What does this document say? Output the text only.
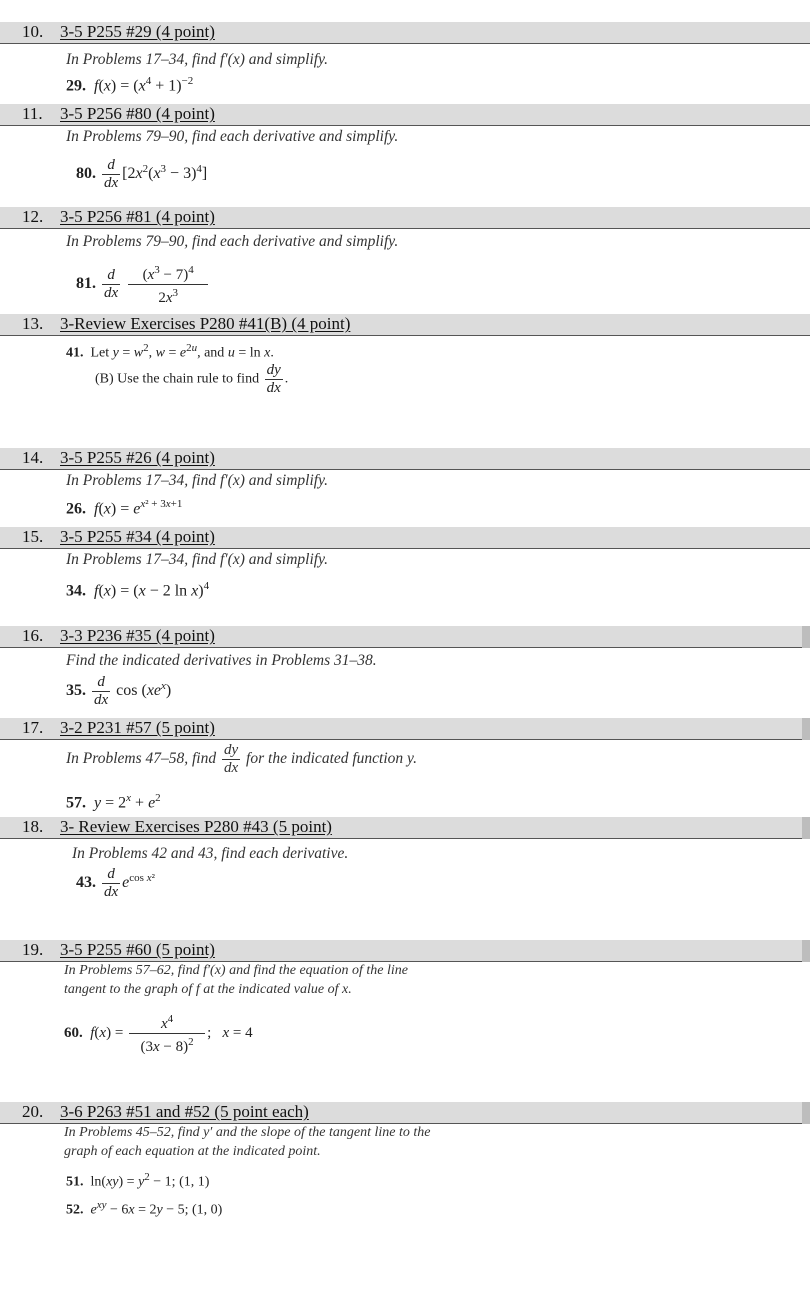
10. 3-5 P255 #29 (4 point)
In Problems 17–34, find f′(x) and simplify.
29. $f(x) = (x^4 + 1)^{-2}$
11. 3-5 P256 #80 (4 point)
In Problems 79–90, find each derivative and simplify.
80. $\frac{d}{dx} [2x^2(x^3 - 3)^4]$
12. 3-5 P256 #81 (4 point)
In Problems 79–90, find each derivative and simplify.
81. $\frac{d}{dx}$
$\frac{(x^3 - 7)^4}{2x^3}$
13. 3-Review Exercises P280 #41(B) (4 point)
41.  Let $y = w^2$, $w = e^{2u}$, and u = ln x.
(B) Use the chain rule to find $\frac{dy}{dx}$ .
14. 3-5 P255 #26 (4 point)
In Problems 17–34, find f′(x) and simplify.
26. $f(x) = e^{x^2 + 3x+1}$
15. 3-5 P255 #34 (4 point)
In Problems 17–34, find f′(x) and simplify.
34. f(x) = (x − 2 ln x)$^4$
16. 3-3 P236 #35 (4 point)
Find the indicated derivatives in Problems 31–38.
35. $\frac{d}{dx}$ $\cos (xe^x)$
17. 3-2 P231 #57 (5 point)
In Problems 47–58, find $\frac{dy}{dx}$ for the indicated function y.
57. $y = 2^x + e^2$
18. 3- Review Exercises P280 #43 (5 point)
In Problems 42 and 43, find each derivative.
43. $\frac{d}{dx} e^{cos x^2}$
19. 3-5 P255 #60 (5 point)
In Problems 57–62, find f′(x) and find the equation of the line
tangent to the graph of f at the indicated value of x.
60. $f(x) = \frac{x^4}{(3x - 8)^2}$ ;   x = 4
20. 3-6 P263 #51 and #52 (5 point each)
In Problems 45–52, find y′ and the slope of the tangent line to the
graph of each equation at the indicated point.
51.  $\ln(xy) = y^2 - 1$; (1, 1)
52. $e^{xy} - 6x = 2y - 5$; (1, 0)
